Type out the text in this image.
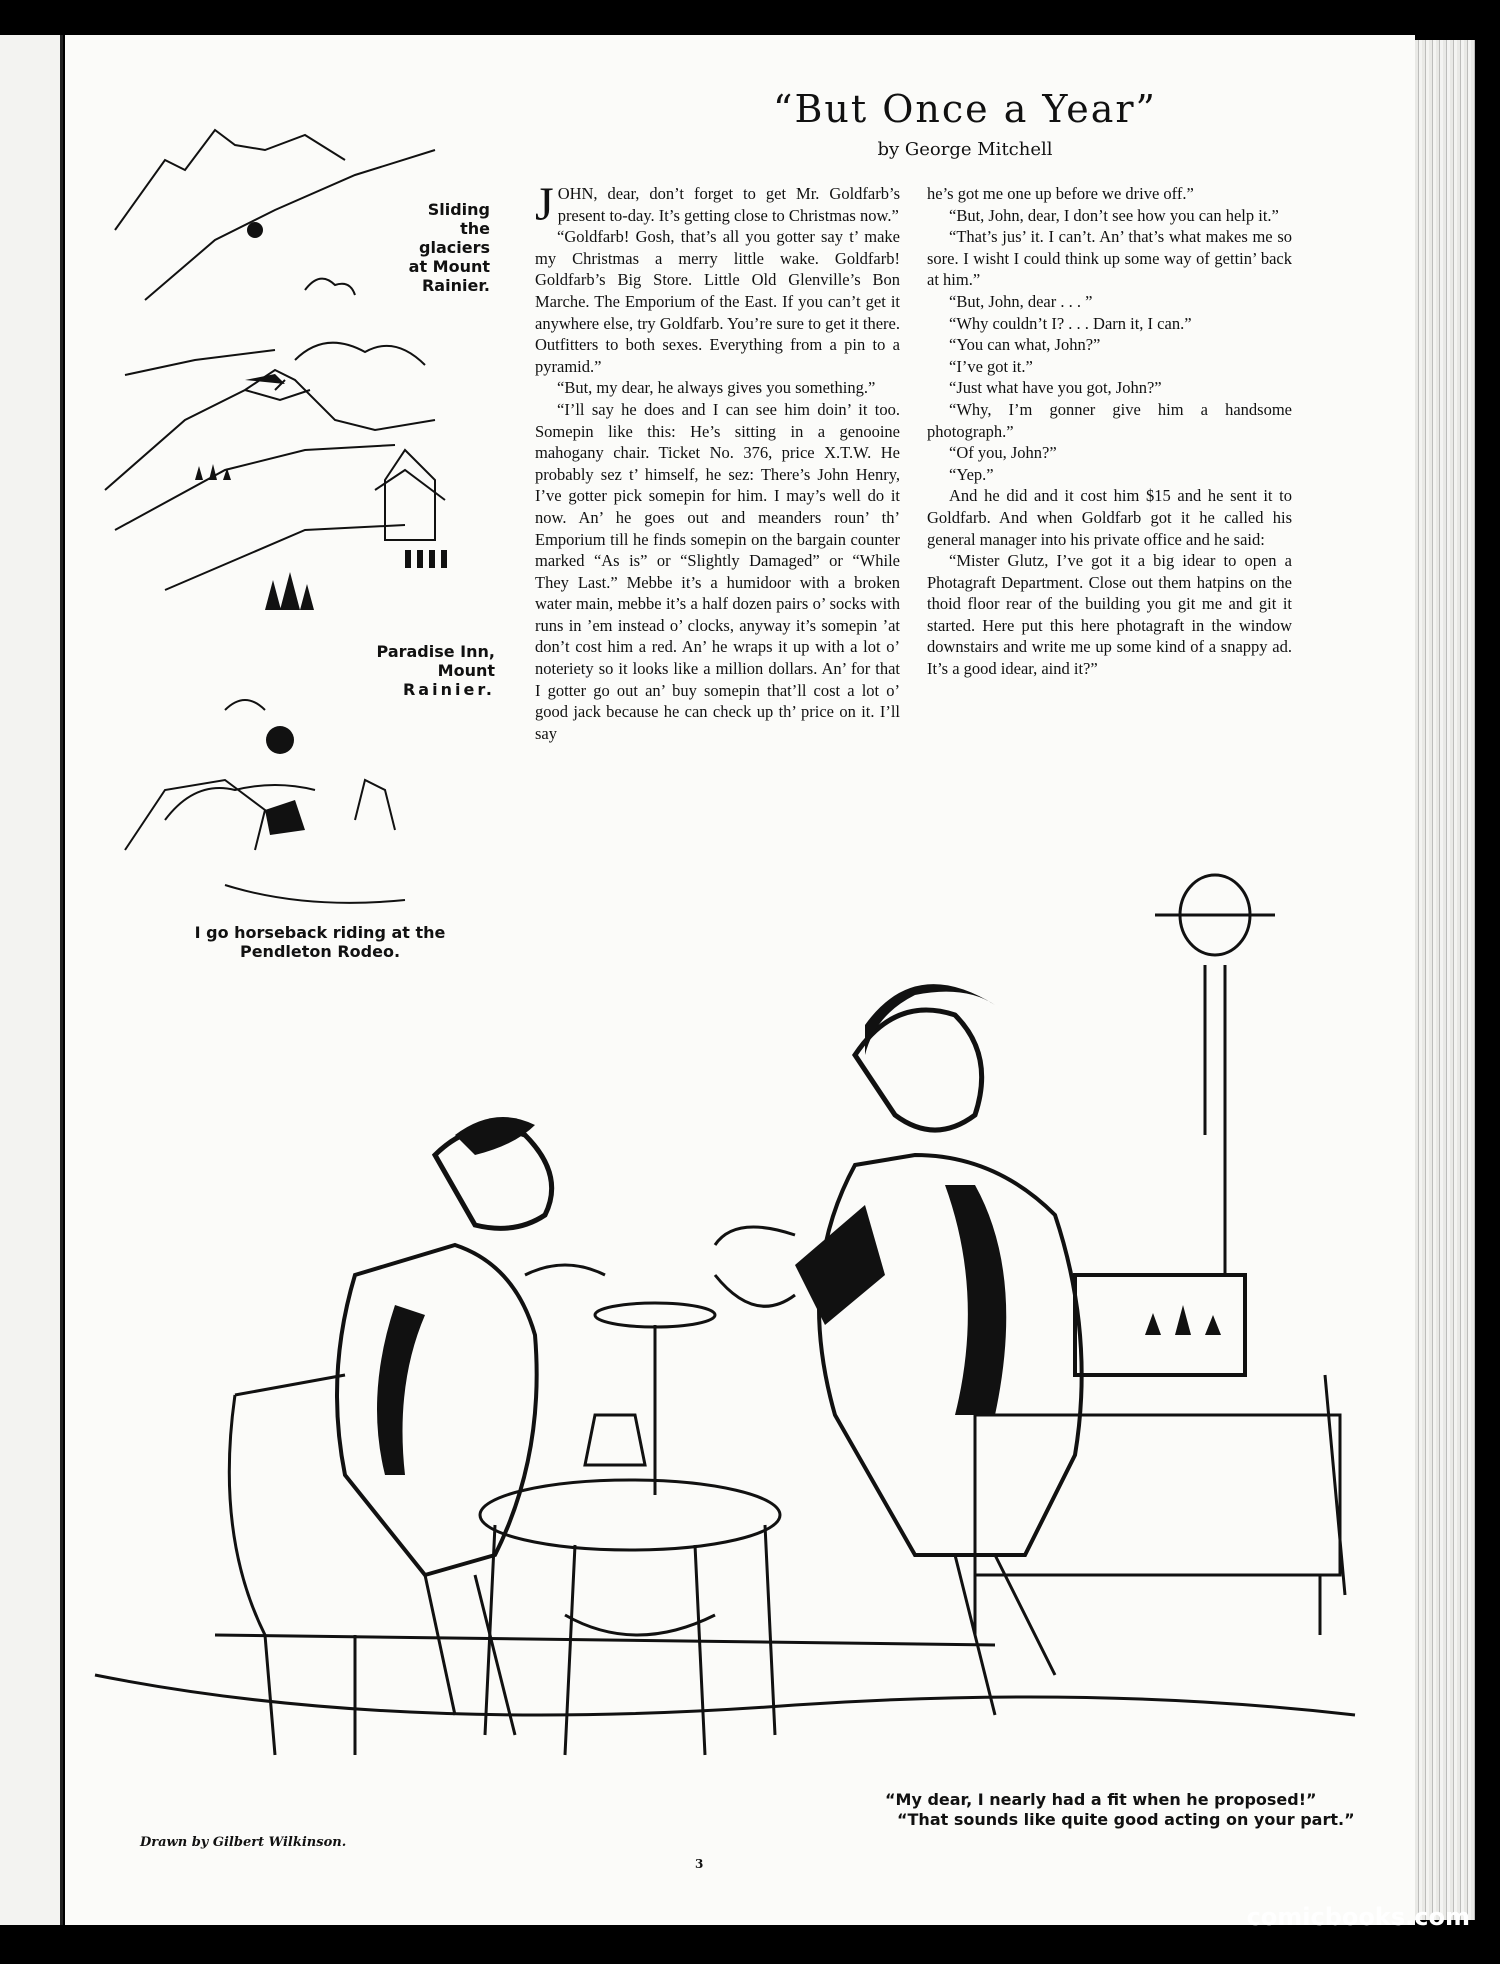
“But Once a Year”
by George Mitchell
Sliding
the
glaciers
at Mount
Rainier.
Paradise Inn,
Mount
Rainier.
I go horseback riding at the
Pendleton Rodeo.

JOHN, dear, don’t forget to get Mr. Goldfarb’s present to-day. It’s getting close to Christmas now.”

“Goldfarb! Gosh, that’s all you gotter say t’ make my Christmas a merry little wake. Goldfarb! Goldfarb’s Big Store. Little Old Glenville’s Bon Marche. The Emporium of the East. If you can’t get it anywhere else, try Goldfarb. You’re sure to get it there. Outfitters to both sexes. Everything from a pin to a pyramid.”

“But, my dear, he always gives you something.”

“I’ll say he does and I can see him doin’ it too. Somepin like this: He’s sitting in a genooine mahogany chair. Ticket No. 376, price X.T.W. He probably sez t’ himself, he sez: There’s John Henry, I’ve gotter pick somepin for him. I may’s well do it now. An’ he goes out and meanders roun’ th’ Emporium till he finds somepin on the bargain counter marked “As is” or “Slightly Damaged” or “While They Last.” Mebbe it’s a humidoor with a broken water main, mebbe it’s a half dozen pairs o’ socks with runs in ’em instead o’ clocks, anyway it’s somepin ’at don’t cost him a red. An’ he wraps it up with a lot o’ noteriety so it looks like a million dollars. An’ for that I gotter go out an’ buy somepin that’ll cost a lot o’ good jack because he can check up th’ price on it. I’ll say

he’s got me one up before we drive off.”

“But, John, dear, I don’t see how you can help it.”

“That’s jus’ it. I can’t. An’ that’s what makes me so sore. I wisht I could think up some way of gettin’ back at him.”

“But, John, dear . . . ”

“Why couldn’t I? . . . Darn it, I can.”

“You can what, John?”

“I’ve got it.”

“Just what have you got, John?”

“Why, I’m gonner give him a handsome photograph.”

“Of you, John?”

“Yep.”

And he did and it cost him $15 and he sent it to Goldfarb. And when Goldfarb got it he called his general manager into his private office and he said:

“Mister Glutz, I’ve got it a big idear to open a Photagraft Department. Close out them hatpins on the thoid floor rear of the building you git me and git it started. Here put this here photagraft in the window downstairs and write me up some kind of a snappy ad. It’s a good idear, aind it?”

“My dear, I nearly had a fit when he proposed!”

“That sounds like quite good acting on your part.”

Drawn by Gilbert Wilkinson.
3
comicbooks.com
